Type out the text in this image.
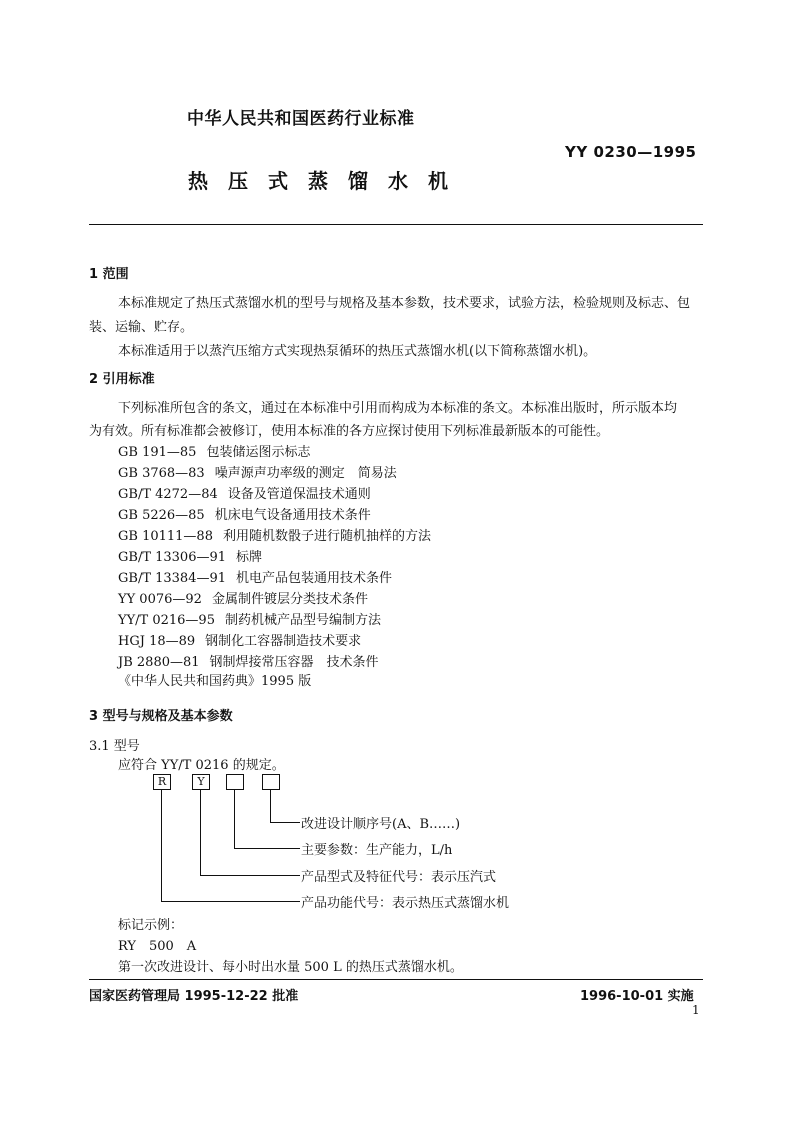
中华人民共和国医药行业标准
YY 0230—1995
热压式蒸馏水机
1 范围
本标准规定了热压式蒸馏水机的型号与规格及基本参数，技术要求，试验方法，检验规则及标志、包
装、运输、贮存。
本标准适用于以蒸汽压缩方式实现热泵循环的热压式蒸馏水机(以下简称蒸馏水机)。
2 引用标准
下列标准所包含的条文，通过在本标准中引用而构成为本标准的条文。本标准出版时，所示版本均
为有效。所有标准都会被修订，使用本标准的各方应探讨使用下列标准最新版本的可能性。
GB 191—85 包装储运图示标志
GB 3768—83 噪声源声功率级的测定　简易法
GB/T 4272—84 设备及管道保温技术通则
GB 5226—85 机床电气设备通用技术条件
GB 10111—88 利用随机数骰子进行随机抽样的方法
GB/T 13306—91 标牌
GB/T 13384—91 机电产品包装通用技术条件
YY 0076—92 金属制件镀层分类技术条件
YY/T 0216—95 制药机械产品型号编制方法
HGJ 18—89 钢制化工容器制造技术要求
JB 2880—81 钢制焊接常压容器　技术条件
《中华人民共和国药典》1995 版
3 型号与规格及基本参数
3.1 型号
应符合 YY/T 0216 的规定。
R	Y
改进设计顺序号(A、B……)
主要参数：生产能力，L/h
产品型式及特征代号：表示压汽式
产品功能代号：表示热压式蒸馏水机
标记示例：
RY　500　A
第一次改进设计、每小时出水量 500 L 的热压式蒸馏水机。
国家医药管理局 1995-12-22 批准	1996-10-01 实施
1
